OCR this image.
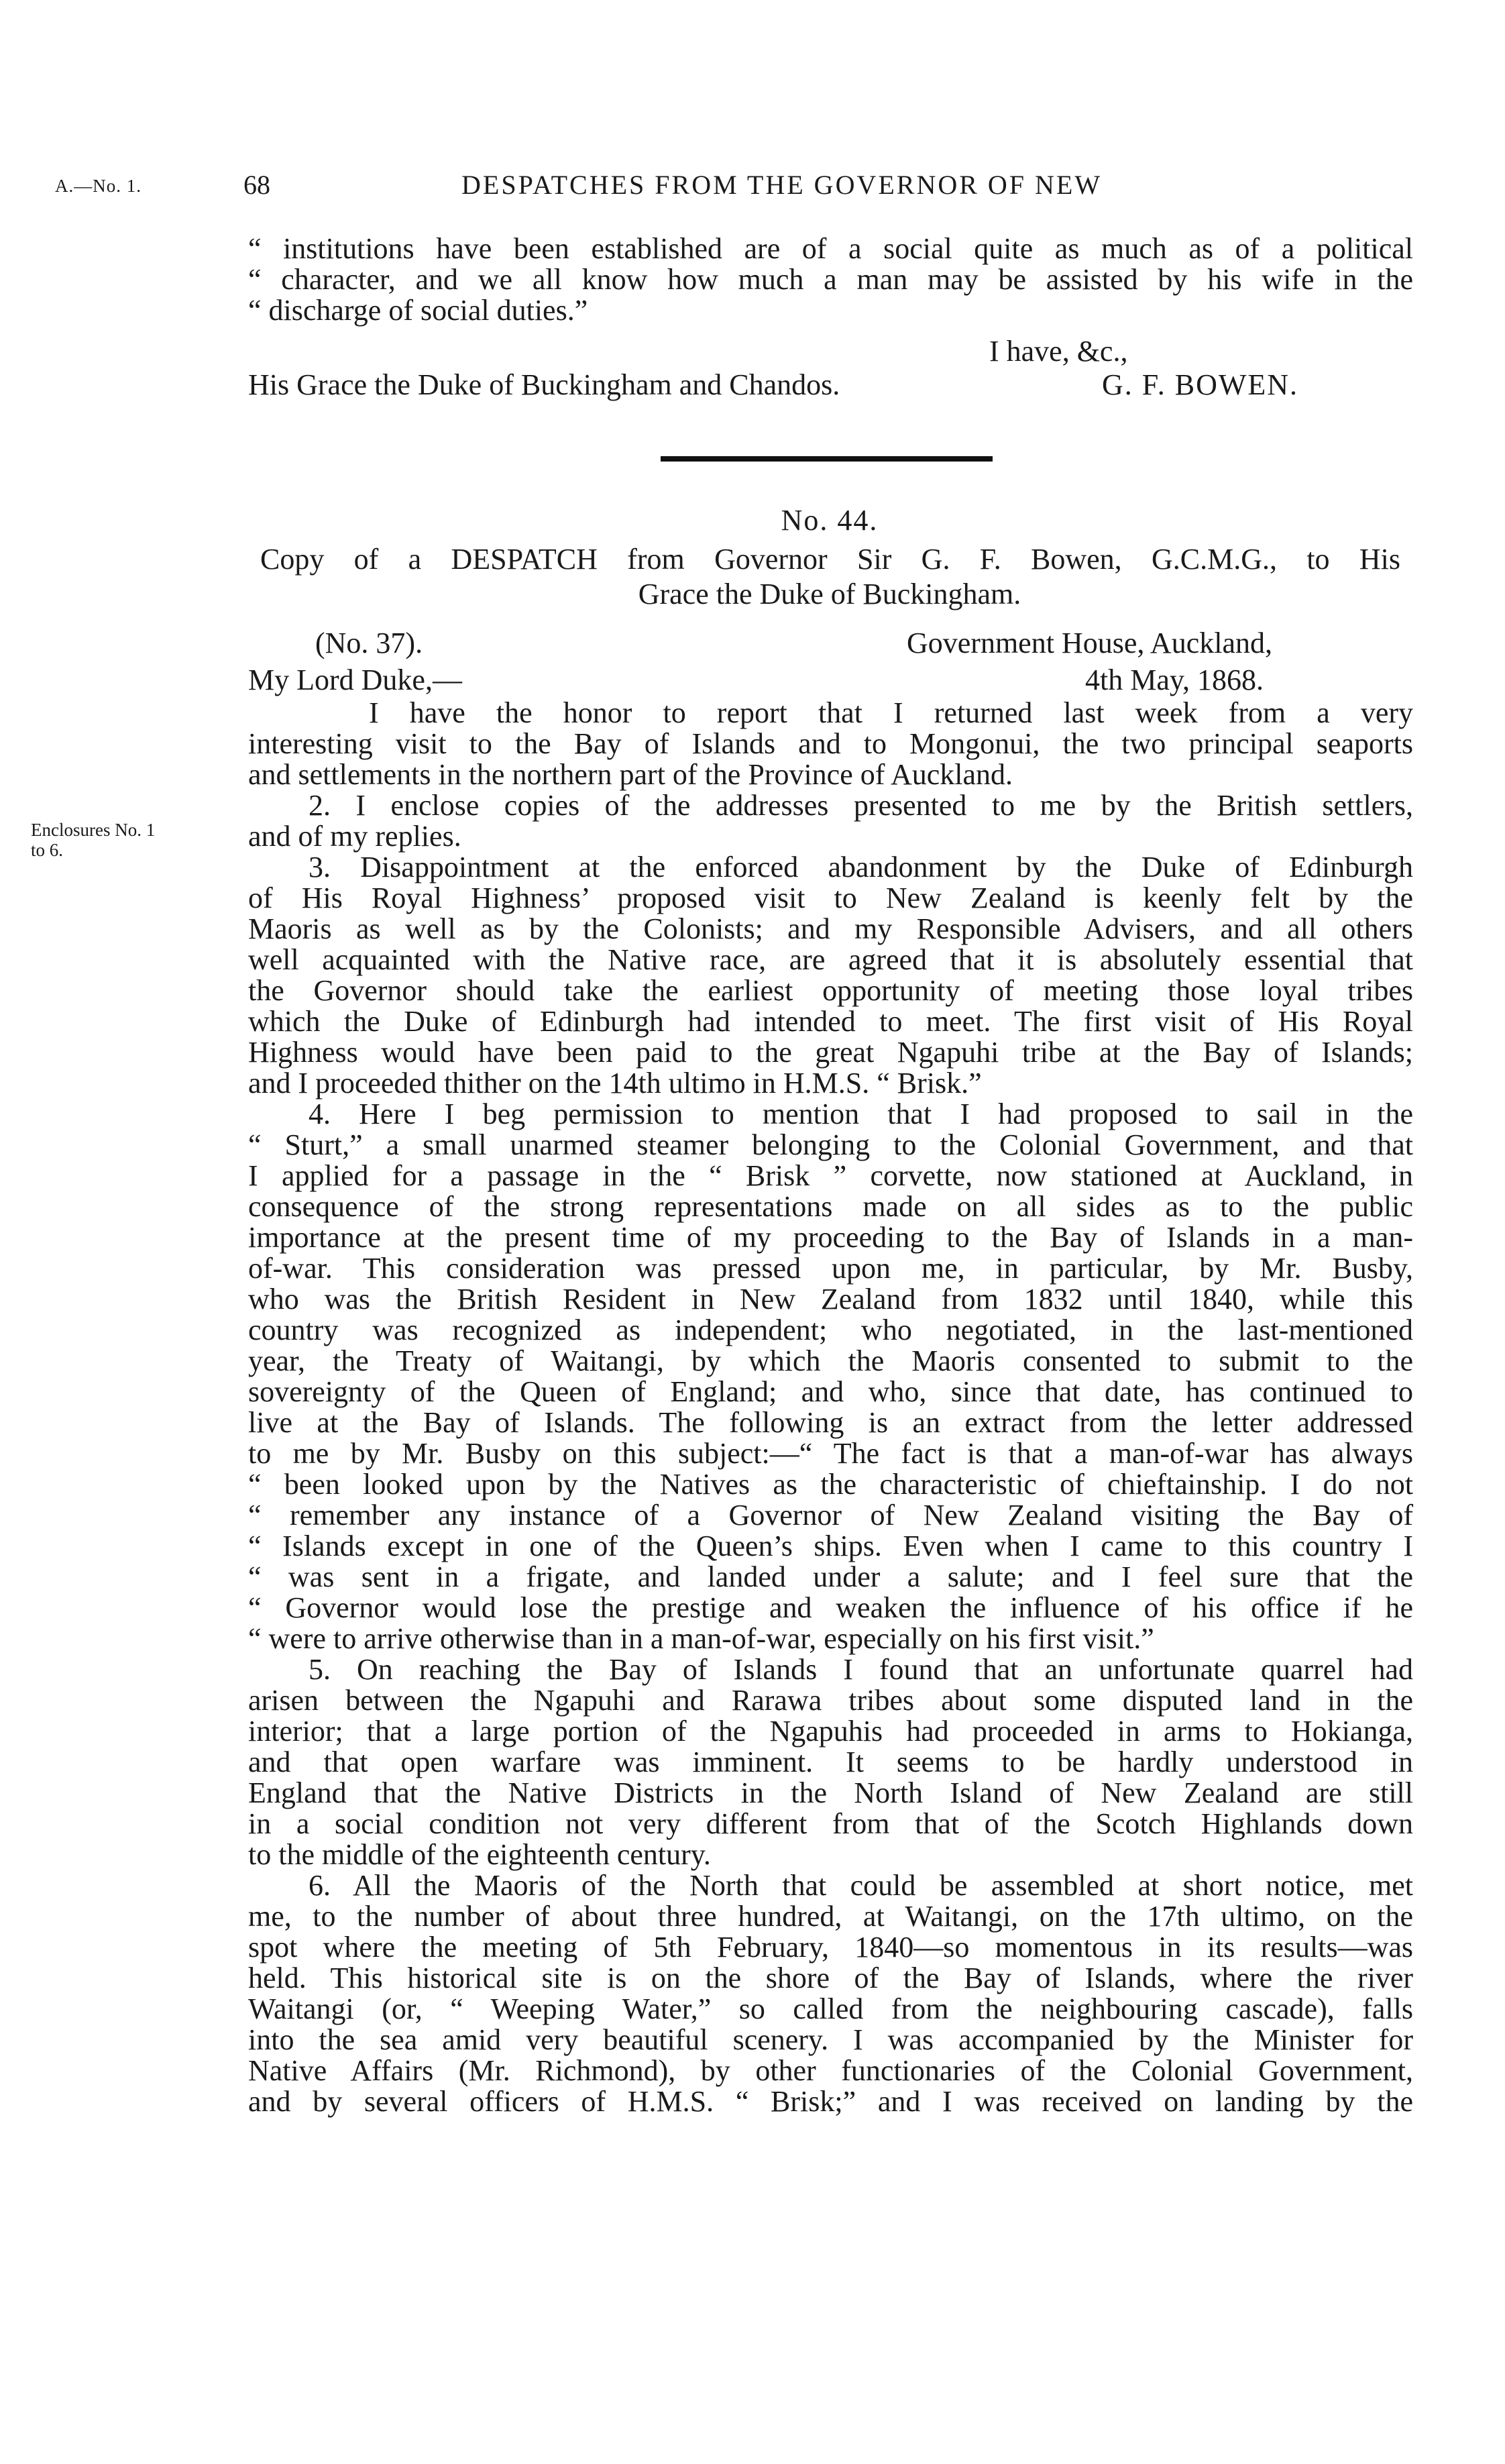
A.—No. 1.	68	DESPATCHES FROM THE GOVERNOR OF NEW

“ institutions have been established are of a social quite as much as of a political
“ character, and we all know how much a man may be assisted by his wife in the
“ discharge of social duties.”

I have, &c.,
His Grace the Duke of Buckingham and Chandos.	G. F. BOWEN.
No. 44.
Copy of a DESPATCH from Governor Sir G. F. Bowen, G.C.M.G., to His
Grace the Duke of Buckingham.
(No. 37).	Government House, Auckland,
My Lord Duke,—	4th May, 1868.
Enclosures No. 1
to 6.

I have the honor to report that I returned last week from a very
interesting visit to the Bay of Islands and to Mongonui, the two principal seaports
and settlements in the northern part of the Province of Auckland.

2. I enclose copies of the addresses presented to me by the British settlers,
and of my replies.

3. Disappointment at the enforced abandonment by the Duke of Edinburgh
of His Royal Highness’ proposed visit to New Zealand is keenly felt by the
Maoris as well as by the Colonists; and my Responsible Advisers, and all others
well acquainted with the Native race, are agreed that it is absolutely essential that
the Governor should take the earliest opportunity of meeting those loyal tribes
which the Duke of Edinburgh had intended to meet. The first visit of His Royal
Highness would have been paid to the great Ngapuhi tribe at the Bay of Islands;
and I proceeded thither on the 14th ultimo in H.M.S. “ Brisk.”

4. Here I beg permission to mention that I had proposed to sail in the
“ Sturt,” a small unarmed steamer belonging to the Colonial Government, and that
I applied for a passage in the “ Brisk ” corvette, now stationed at Auckland, in
consequence of the strong representations made on all sides as to the public
importance at the present time of my proceeding to the Bay of Islands in a man-
of-war. This consideration was pressed upon me, in particular, by Mr. Busby,
who was the British Resident in New Zealand from 1832 until 1840, while this
country was recognized as independent; who negotiated, in the last-mentioned
year, the Treaty of Waitangi, by which the Maoris consented to submit to the
sovereignty of the Queen of England; and who, since that date, has continued to
live at the Bay of Islands. The following is an extract from the letter addressed
to me by Mr. Busby on this subject:—“ The fact is that a man-of-war has always
“ been looked upon by the Natives as the characteristic of chieftainship. I do not
“ remember any instance of a Governor of New Zealand visiting the Bay of
“ Islands except in one of the Queen’s ships. Even when I came to this country I
“ was sent in a frigate, and landed under a salute; and I feel sure that the
“ Governor would lose the prestige and weaken the influence of his office if he
“ were to arrive otherwise than in a man-of-war, especially on his first visit.”

5. On reaching the Bay of Islands I found that an unfortunate quarrel had
arisen between the Ngapuhi and Rarawa tribes about some disputed land in the
interior; that a large portion of the Ngapuhis had proceeded in arms to Hokianga,
and that open warfare was imminent. It seems to be hardly understood in
England that the Native Districts in the North Island of New Zealand are still
in a social condition not very different from that of the Scotch Highlands down
to the middle of the eighteenth century.

6. All the Maoris of the North that could be assembled at short notice, met
me, to the number of about three hundred, at Waitangi, on the 17th ultimo, on the
spot where the meeting of 5th February, 1840—so momentous in its results—was
held. This historical site is on the shore of the Bay of Islands, where the river
Waitangi (or, “ Weeping Water,” so called from the neighbouring cascade), falls
into the sea amid very beautiful scenery. I was accompanied by the Minister for
Native Affairs (Mr. Richmond), by other functionaries of the Colonial Government,
and by several officers of H.M.S. “ Brisk;” and I was received on landing by the
